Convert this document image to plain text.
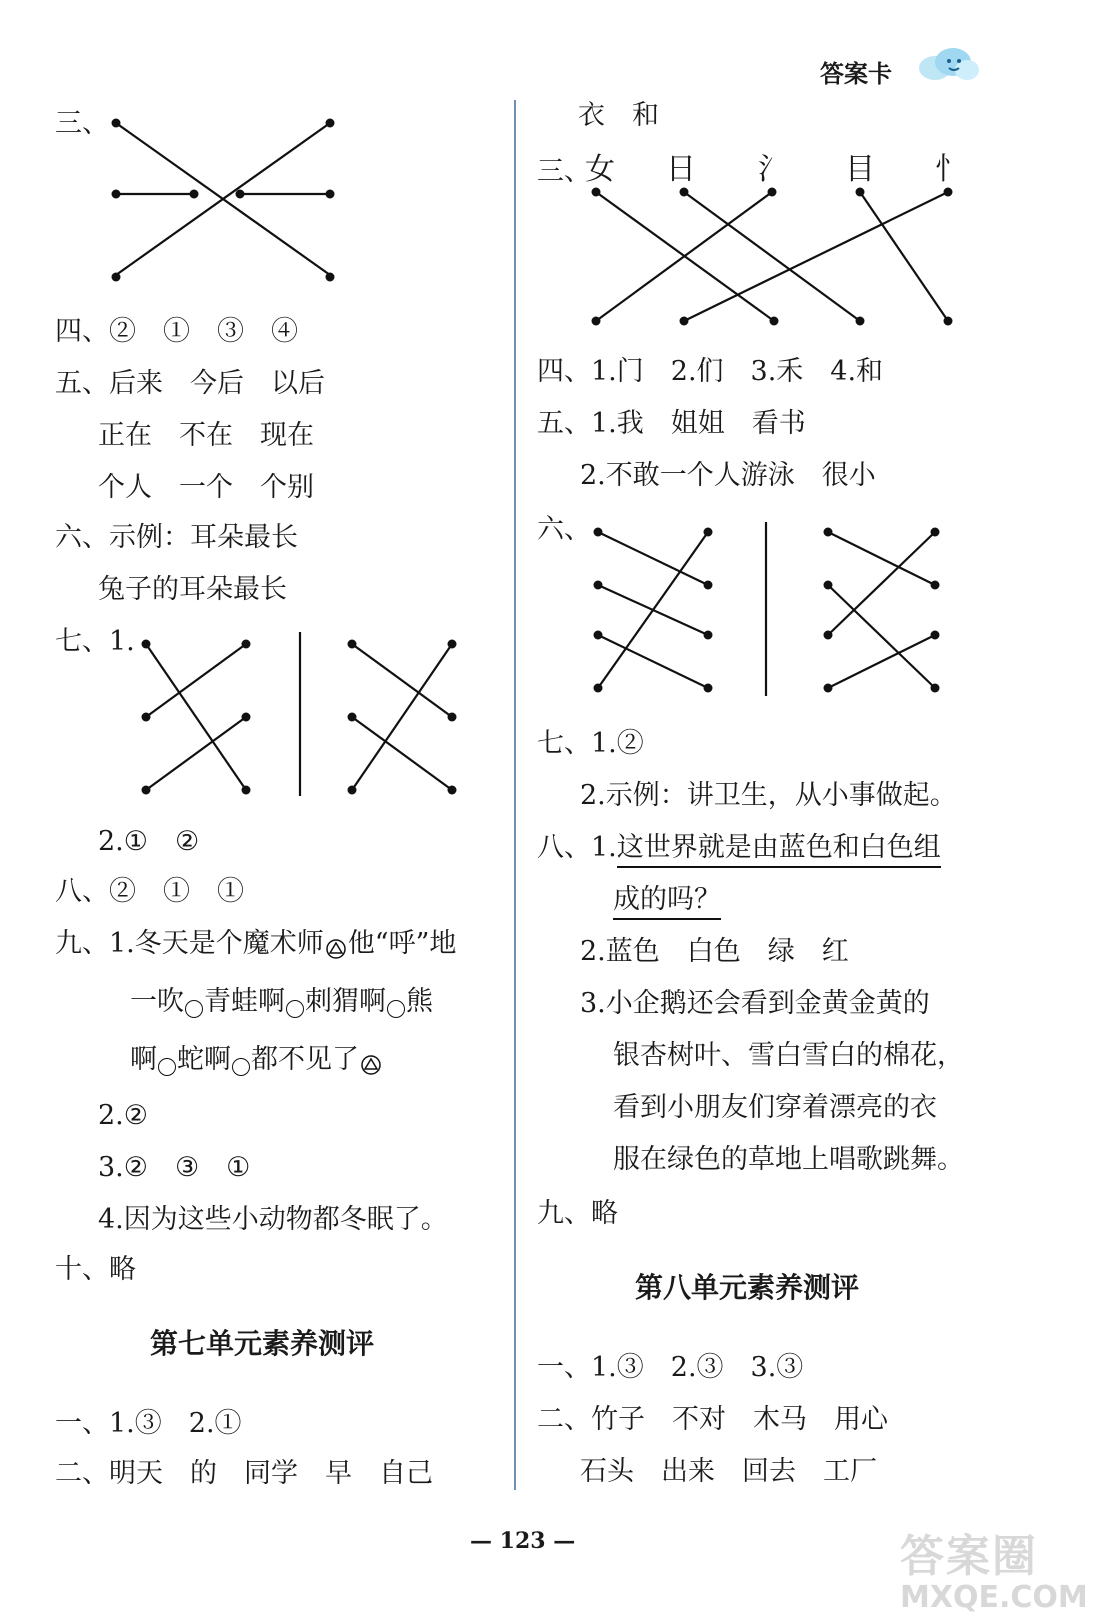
答案卡
三、
四、②　①　③　④
五、后来　今后　以后
正在　不在　现在
个人　一个　个别
六、示例：耳朵最长
兔子的耳朵最长
七、1.
2.①　②
八、②　①　①
九、1.冬天是个魔术师 他“呼”地
一吹 青蛙啊 刺猬啊 熊
啊 蛇啊 都不见了
2.②
3.②　③　①
4.因为这些小动物都冬眠了。
十、略
第七单元素养测评
一、1.③　2.①
二、明天　的　同学　早　自己
衣　和
三、
女 日 氵 目 忄
四、1.门　2.们　3.禾　4.和
五、1.我　姐姐　看书
2.不敢一个人游泳　很小
六、
七、1.②
2.示例：讲卫生，从小事做起。
八、1.这世界就是由蓝色和白色组
成的吗？
2.蓝色　白色　绿　红
3.小企鹅还会看到金黄金黄的
银杏树叶、雪白雪白的棉花，
看到小朋友们穿着漂亮的衣
服在绿色的草地上唱歌跳舞。
九、略
第八单元素养测评
一、1.③　2.③　3.③
二、竹子　不对　木马　用心
石头　出来　回去　工厂
— 123 —	答案圈
MXQE.COM
